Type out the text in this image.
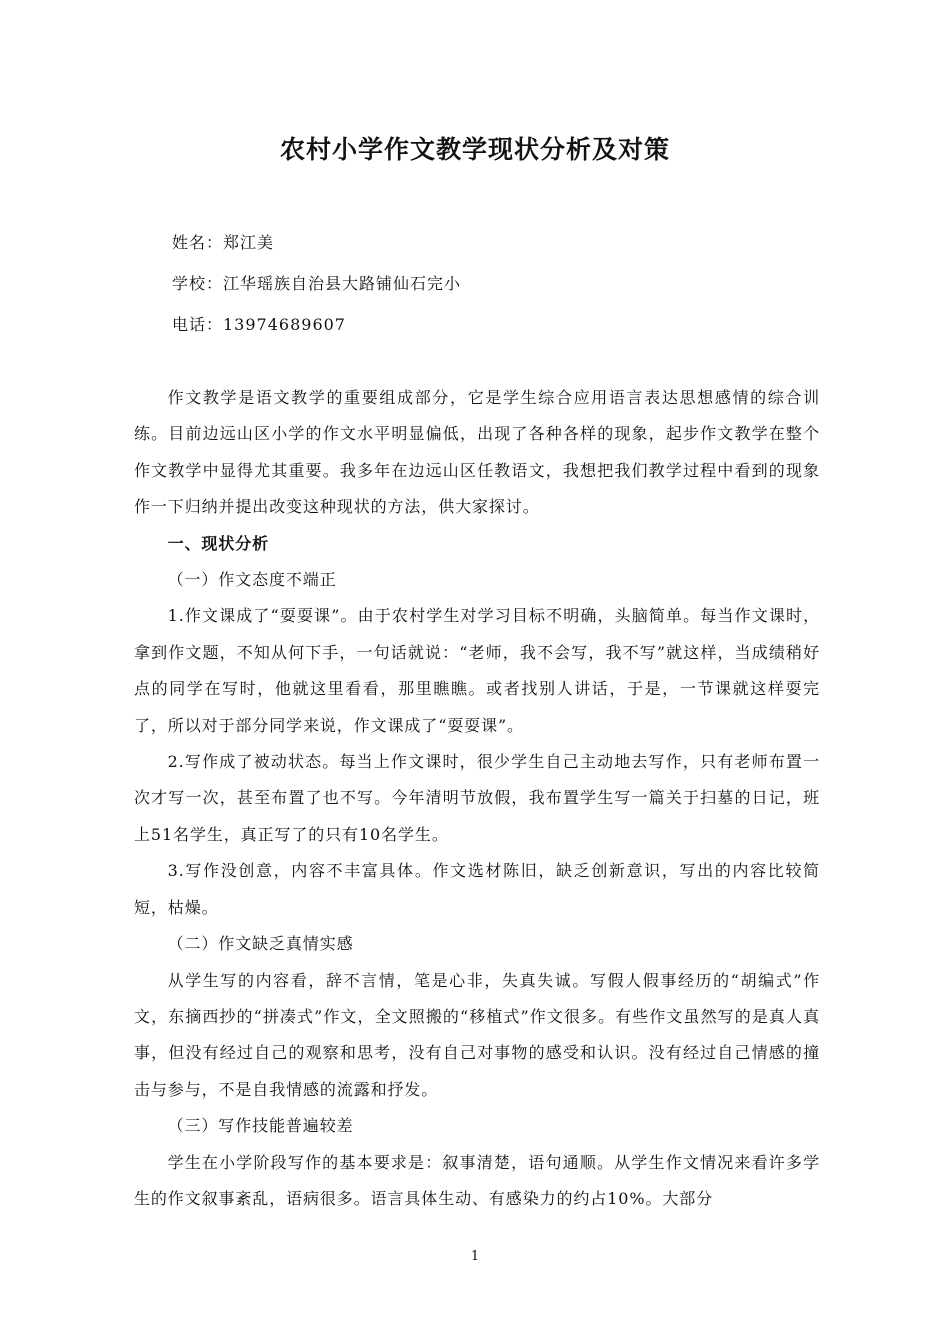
农村小学作文教学现状分析及对策
姓名：郑江美
学校：江华瑶族自治县大路铺仙石完小
电话：13974689607

作文教学是语文教学的重要组成部分，它是学生综合应用语言表达思想感情的综合训练。目前边远山区小学的作文水平明显偏低，出现了各种各样的现象，起步作文教学在整个作文教学中显得尤其重要。我多年在边远山区任教语文，我想把我们教学过程中看到的现象作一下归纳并提出改变这种现状的方法，供大家探讨。

一、现状分析

（一）作文态度不端正

1.作文课成了“耍耍课”。由于农村学生对学习目标不明确，头脑简单。每当作文课时，拿到作文题，不知从何下手，一句话就说：“老师，我不会写，我不写”就这样，当成绩稍好点的同学在写时，他就这里看看，那里瞧瞧。或者找别人讲话，于是，一节课就这样耍完了，所以对于部分同学来说，作文课成了“耍耍课”。

2.写作成了被动状态。每当上作文课时，很少学生自己主动地去写作，只有老师布置一次才写一次，甚至布置了也不写。今年清明节放假，我布置学生写一篇关于扫墓的日记，班上51名学生，真正写了的只有10名学生。

3.写作没创意，内容不丰富具体。作文选材陈旧，缺乏创新意识，写出的内容比较简短，枯燥。

（二）作文缺乏真情实感

从学生写的内容看，辞不言情，笔是心非，失真失诚。写假人假事经历的“胡编式”作文，东摘西抄的“拼凑式”作文，全文照搬的“移植式”作文很多。有些作文虽然写的是真人真事，但没有经过自己的观察和思考，没有自己对事物的感受和认识。没有经过自己情感的撞击与参与，不是自我情感的流露和抒发。

（三）写作技能普遍较差

学生在小学阶段写作的基本要求是：叙事清楚，语句通顺。从学生作文情况来看许多学生的作文叙事紊乱，语病很多。语言具体生动、有感染力的约占10%。大部分

1
